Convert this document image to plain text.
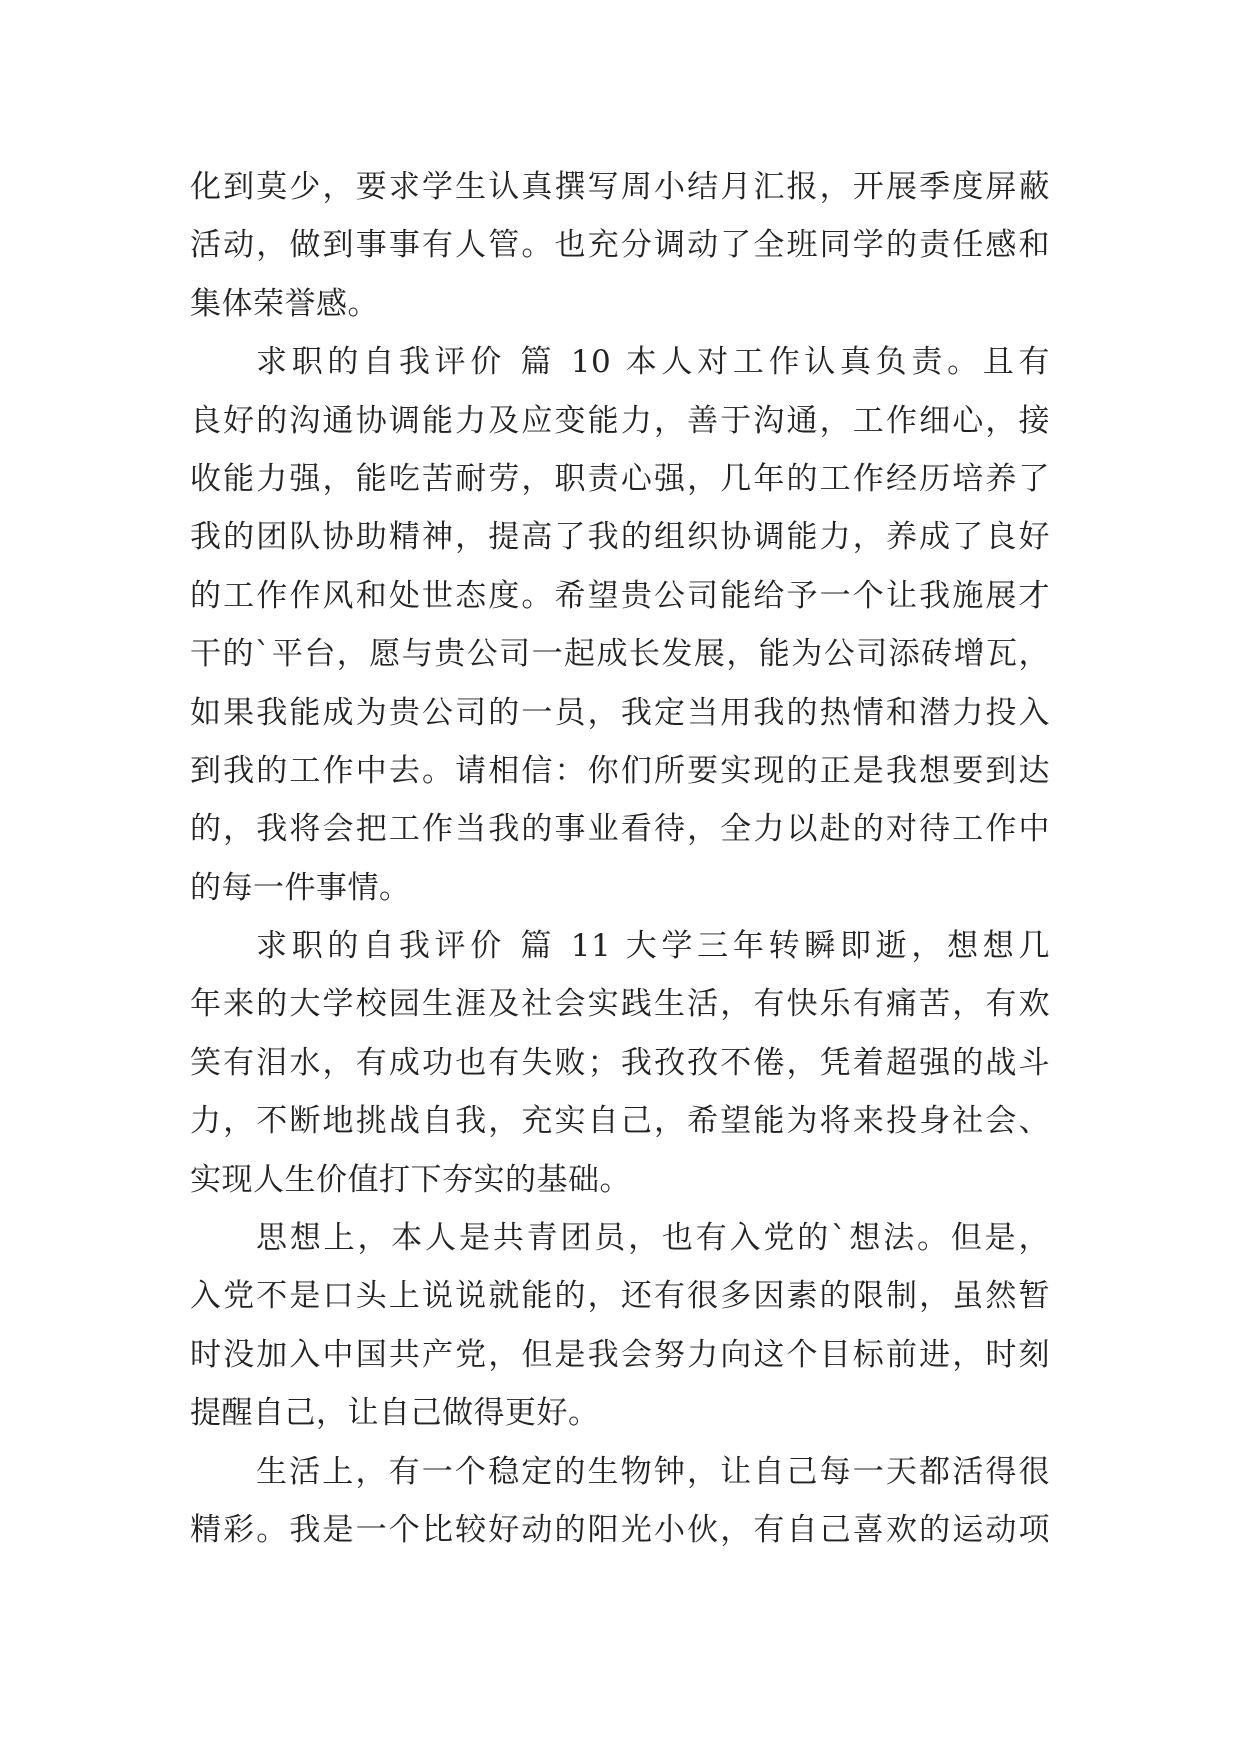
化到莫少，要求学生认真撰写周小结月汇报，开展季度屏蔽
活动，做到事事有人管。也充分调动了全班同学的责任感和
集体荣誉感。
求职的自我评价 篇 10 本人对工作认真负责。且有
良好的沟通协调能力及应变能力，善于沟通，工作细心，接
收能力强，能吃苦耐劳，职责心强，几年的工作经历培养了
我的团队协助精神，提高了我的组织协调能力，养成了良好
的工作作风和处世态度。希望贵公司能给予一个让我施展才
干的`平台，愿与贵公司一起成长发展，能为公司添砖增瓦，
如果我能成为贵公司的一员，我定当用我的热情和潜力投入
到我的工作中去。请相信：你们所要实现的正是我想要到达
的，我将会把工作当我的事业看待，全力以赴的对待工作中
的每一件事情。
求职的自我评价 篇 11 大学三年转瞬即逝，想想几
年来的大学校园生涯及社会实践生活，有快乐有痛苦，有欢
笑有泪水，有成功也有失败；我孜孜不倦，凭着超强的战斗
力，不断地挑战自我，充实自己，希望能为将来投身社会、
实现人生价值打下夯实的基础。
思想上，本人是共青团员，也有入党的`想法。但是，
入党不是口头上说说就能的，还有很多因素的限制，虽然暂
时没加入中国共产党，但是我会努力向这个目标前进，时刻
提醒自己，让自己做得更好。
生活上，有一个稳定的生物钟，让自己每一天都活得很
精彩。我是一个比较好动的阳光小伙，有自己喜欢的运动项
